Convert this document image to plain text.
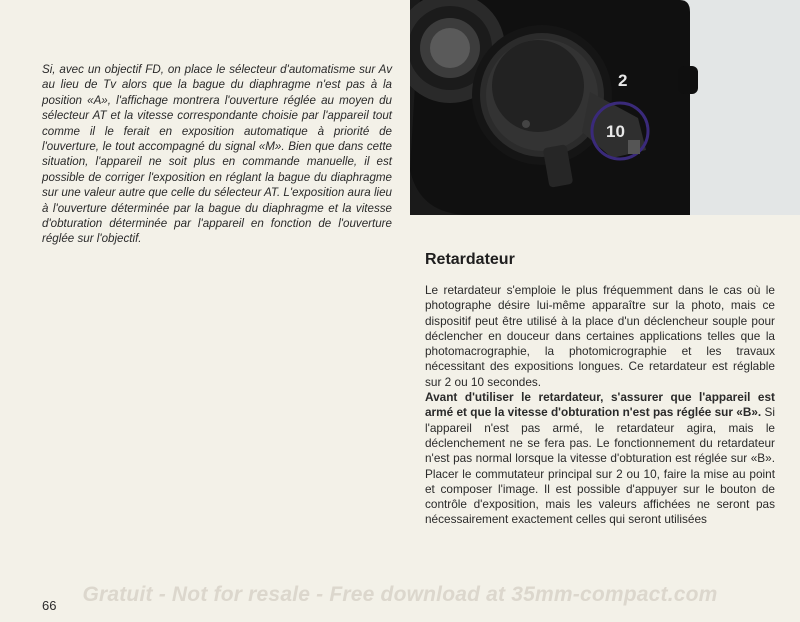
Si, avec un objectif FD, on place le sélecteur d'automatisme sur Av au lieu de Tv alors que la bague du diaphragme n'est pas à la position «A», l'affichage montrera l'ouverture réglée au moyen du sélecteur AT et la vitesse correspondante choisie par l'appareil tout comme il le ferait en exposition automatique à priorité de l'ouverture, le tout accompagné du signal «M». Bien que dans cette situation, l'appareil ne soit plus en commande manuelle, il est possible de corriger l'exposition en réglant la bague du diaphragme sur une valeur autre que celle du sélecteur AT. L'exposition aura lieu à l'ouverture déterminée par la bague du diaphragme et la vitesse d'obturation déterminée par l'appareil en fonction de l'ouverture réglée sur l'objectif.
2
10
Retardateur

Le retardateur s'emploie le plus fréquemment dans le cas où le photographe désire lui-même apparaître sur la photo, mais ce dispositif peut être utilisé à la place d'un déclencheur souple pour déclencher en douceur dans certaines applications telles que la photomacrographie, la photomicrographie et les travaux nécessitant des expositions longues. Ce retardateur est réglable sur 2 ou 10 secondes.

Avant d'utiliser le retardateur, s'assurer que l'appareil est armé et que la vitesse d'obturation n'est pas réglée sur «B». Si l'appareil n'est pas armé, le retardateur agira, mais le déclenchement ne se fera pas. Le fonctionnement du retardateur n'est pas normal lorsque la vitesse d'obturation est réglée sur «B». Placer le commutateur principal sur 2 ou 10, faire la mise au point et composer l'image. Il est possible d'appuyer sur le bouton de contrôle d'exposition, mais les valeurs affichées ne seront pas nécessairement exactement celles qui seront utilisées

66	Gratuit - Not for resale - Free download at 35mm-compact.com
